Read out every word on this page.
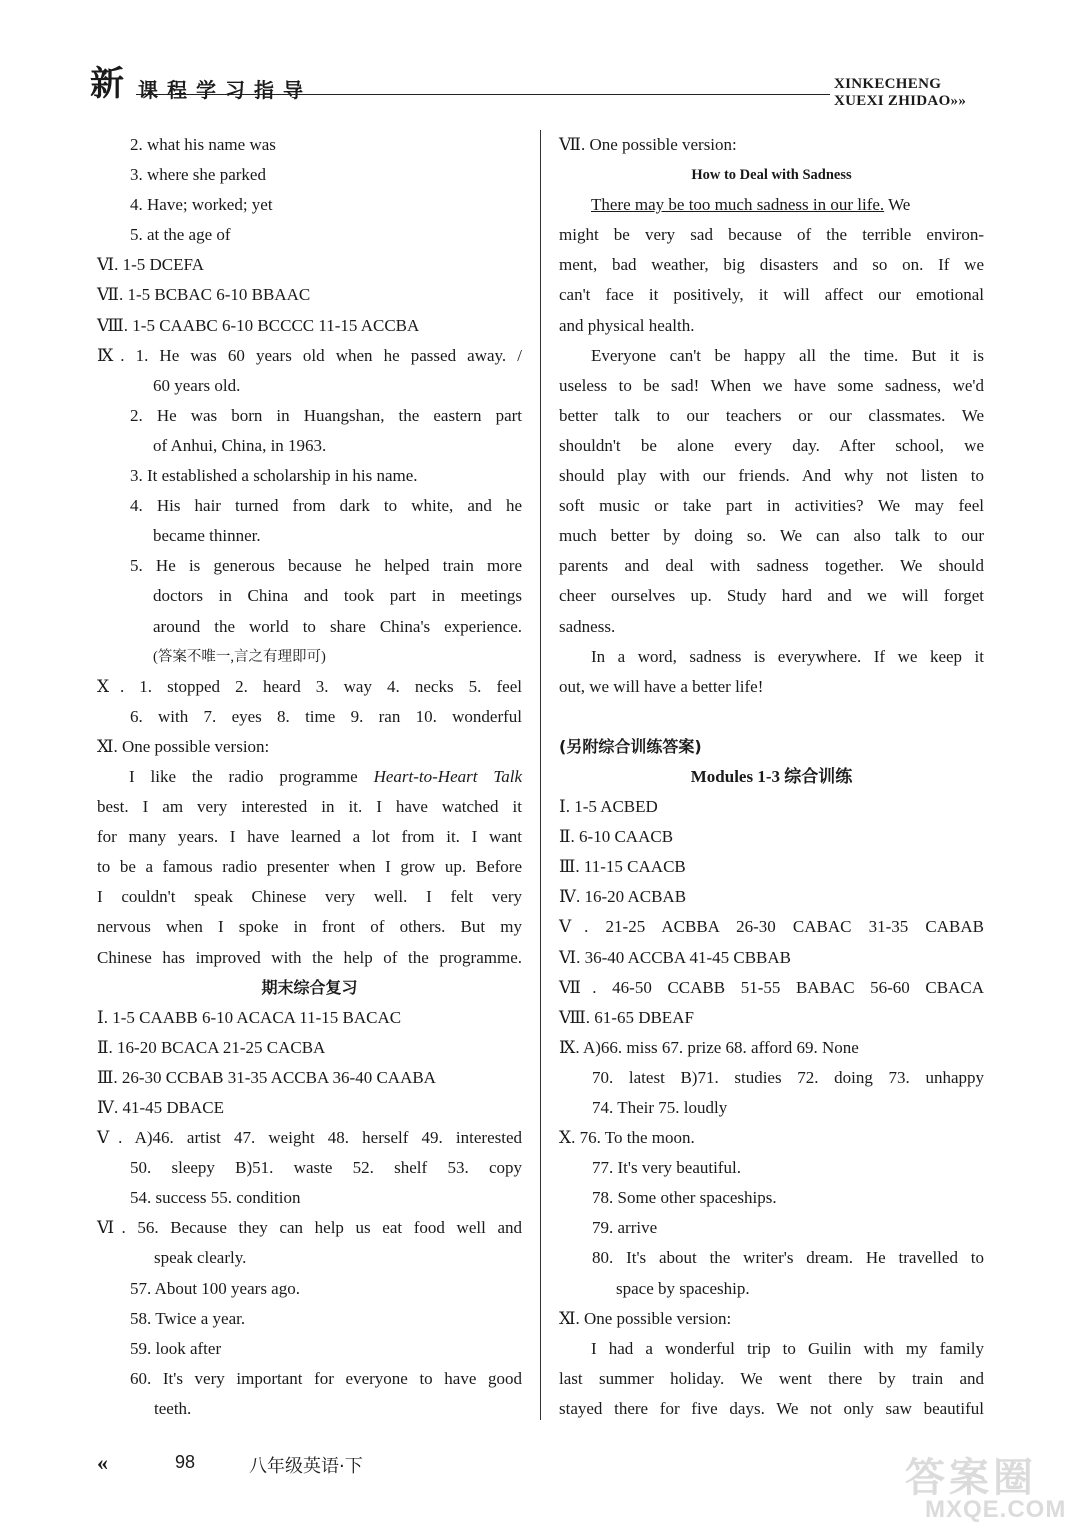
新 课程学习指导	XINKECHENG XUEXI ZHIDAO»»
2. what his name was
3. where she parked
4. Have; worked; yet
5. at the age of
Ⅵ. 1-5 DCEFA
Ⅶ. 1-5 BCBAC 6-10 BBAAC
Ⅷ. 1-5 CAABC 6-10 BCCCC 11-15 ACCBA
Ⅸ. 1. He was 60 years old when he passed away. /
60 years old.
2. He was born in Huangshan, the eastern part
of Anhui, China, in 1963.
3. It established a scholarship in his name.
4. His hair turned from dark to white, and he
became thinner.
5. He is generous because he helped train more
doctors in China and took part in meetings
around the world to share China's experience.
(答案不唯一,言之有理即可)
Ⅹ. 1. stopped 2. heard 3. way 4. necks 5. feel
6. with 7. eyes 8. time 9. ran 10. wonderful
Ⅺ. One possible version:
I like the radio programme Heart-to-Heart Talk
best. I am very interested in it. I have watched it
for many years. I have learned a lot from it. I want
to be a famous radio presenter when I grow up. Before
I couldn't speak Chinese very well. I felt very
nervous when I spoke in front of others. But my
Chinese has improved with the help of the programme.
期末综合复习
Ⅰ. 1-5 CAABB 6-10 ACACA 11-15 BACAC
Ⅱ. 16-20 BCACA 21-25 CACBA
Ⅲ. 26-30 CCBAB 31-35 ACCBA 36-40 CAABA
Ⅳ. 41-45 DBACE
Ⅴ. A)46. artist 47. weight 48. herself 49. interested
50. sleepy B)51. waste 52. shelf 53. copy
54. success 55. condition
Ⅵ. 56. Because they can help us eat food well and
speak clearly.
57. About 100 years ago.
58. Twice a year.
59. look after
60. It's very important for everyone to have good
teeth.
Ⅶ. One possible version:
How to Deal with Sadness
There may be too much sadness in our life. We
might be very sad because of the terrible environ-
ment, bad weather, big disasters and so on. If we
can't face it positively, it will affect our emotional
and physical health.
Everyone can't be happy all the time. But it is
useless to be sad! When we have some sadness, we'd
better talk to our teachers or our classmates. We
shouldn't be alone every day. After school, we
should play with our friends. And why not listen to
soft music or take part in activities? We may feel
much better by doing so. We can also talk to our
parents and deal with sadness together. We should
cheer ourselves up. Study hard and we will forget
sadness.
In a word, sadness is everywhere. If we keep it
out, we will have a better life!
(另附综合训练答案)
Modules 1-3 综合训练
Ⅰ. 1-5 ACBED
Ⅱ. 6-10 CAACB
Ⅲ. 11-15 CAACB
Ⅳ. 16-20 ACBAB
Ⅴ. 21-25 ACBBA 26-30 CABAC 31-35 CABAB
Ⅵ. 36-40 ACCBA 41-45 CBBAB
Ⅶ. 46-50 CCABB 51-55 BABAC 56-60 CBACA
Ⅷ. 61-65 DBEAF
Ⅸ. A)66. miss 67. prize 68. afford 69. None
70. latest B)71. studies 72. doing 73. unhappy
74. Their 75. loudly
Ⅹ. 76. To the moon.
77. It's very beautiful.
78. Some other spaceships.
79. arrive
80. It's about the writer's dream. He travelled to
space by spaceship.
Ⅺ. One possible version:
I had a wonderful trip to Guilin with my family
last summer holiday. We went there by train and
stayed there for five days. We not only saw beautiful
«	98	八年级英语·下	答案圈
MXQE.COM
